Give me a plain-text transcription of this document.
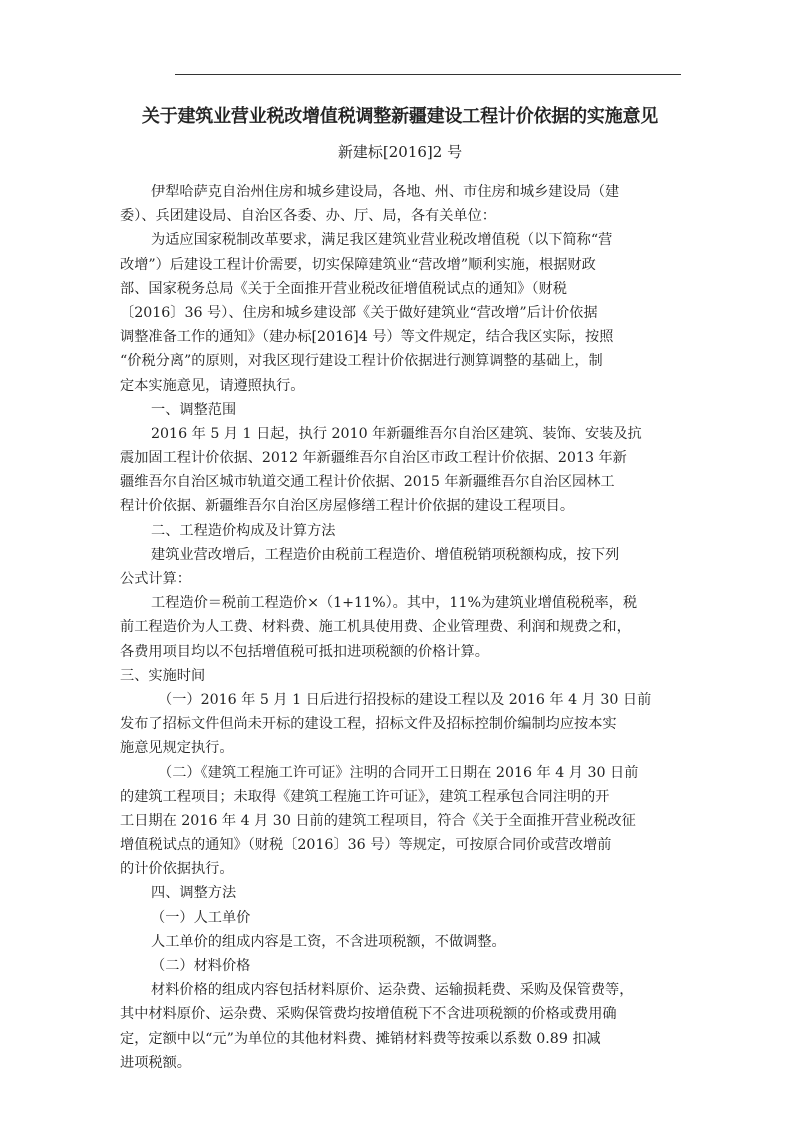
关于建筑业营业税改增值税调整新疆建设工程计价依据的实施意见
新建标[2016]2 号
伊犁哈萨克自治州住房和城乡建设局，各地、州、市住房和城乡建设局（建
委）、兵团建设局、自治区各委、办、厅、局，各有关单位：
为适应国家税制改革要求，满足我区建筑业营业税改增值税（以下简称“营
改增”）后建设工程计价需要，切实保障建筑业“营改增”顺利实施，根据财政
部、国家税务总局《关于全面推开营业税改征增值税试点的通知》（财税
〔2016〕36 号）、住房和城乡建设部《关于做好建筑业“营改增”后计价依据
调整准备工作的通知》（建办标[2016]4 号）等文件规定，结合我区实际，按照
“价税分离”的原则，对我区现行建设工程计价依据进行测算调整的基础上，制
定本实施意见，请遵照执行。
一、调整范围
2016 年 5 月 1 日起，执行 2010 年新疆维吾尔自治区建筑、装饰、安装及抗
震加固工程计价依据、2012 年新疆维吾尔自治区市政工程计价依据、2013 年新
疆维吾尔自治区城市轨道交通工程计价依据、2015 年新疆维吾尔自治区园林工
程计价依据、新疆维吾尔自治区房屋修缮工程计价依据的建设工程项目。
二、工程造价构成及计算方法
建筑业营改增后，工程造价由税前工程造价、增值税销项税额构成，按下列
公式计算：
工程造价＝税前工程造价×（1+11%）。其中，11%为建筑业增值税税率，税
前工程造价为人工费、材料费、施工机具使用费、企业管理费、利润和规费之和，
各费用项目均以不包括增值税可抵扣进项税额的价格计算。
三、实施时间
（一）2016 年 5 月 1 日后进行招投标的建设工程以及 2016 年 4 月 30 日前
发布了招标文件但尚未开标的建设工程，招标文件及招标控制价编制均应按本实
施意见规定执行。
（二）《建筑工程施工许可证》注明的合同开工日期在 2016 年 4 月 30 日前
的建筑工程项目；未取得《建筑工程施工许可证》，建筑工程承包合同注明的开
工日期在 2016 年 4 月 30 日前的建筑工程项目，符合《关于全面推开营业税改征
增值税试点的通知》（财税〔2016〕36 号）等规定，可按原合同价或营改增前
的计价依据执行。
四、调整方法
（一）人工单价
人工单价的组成内容是工资，不含进项税额，不做调整。
（二）材料价格
材料价格的组成内容包括材料原价、运杂费、运输损耗费、采购及保管费等，
其中材料原价、运杂费、采购保管费均按增值税下不含进项税额的价格或费用确
定，定额中以“元”为单位的其他材料费、摊销材料费等按乘以系数 0.89 扣减
进项税额。
